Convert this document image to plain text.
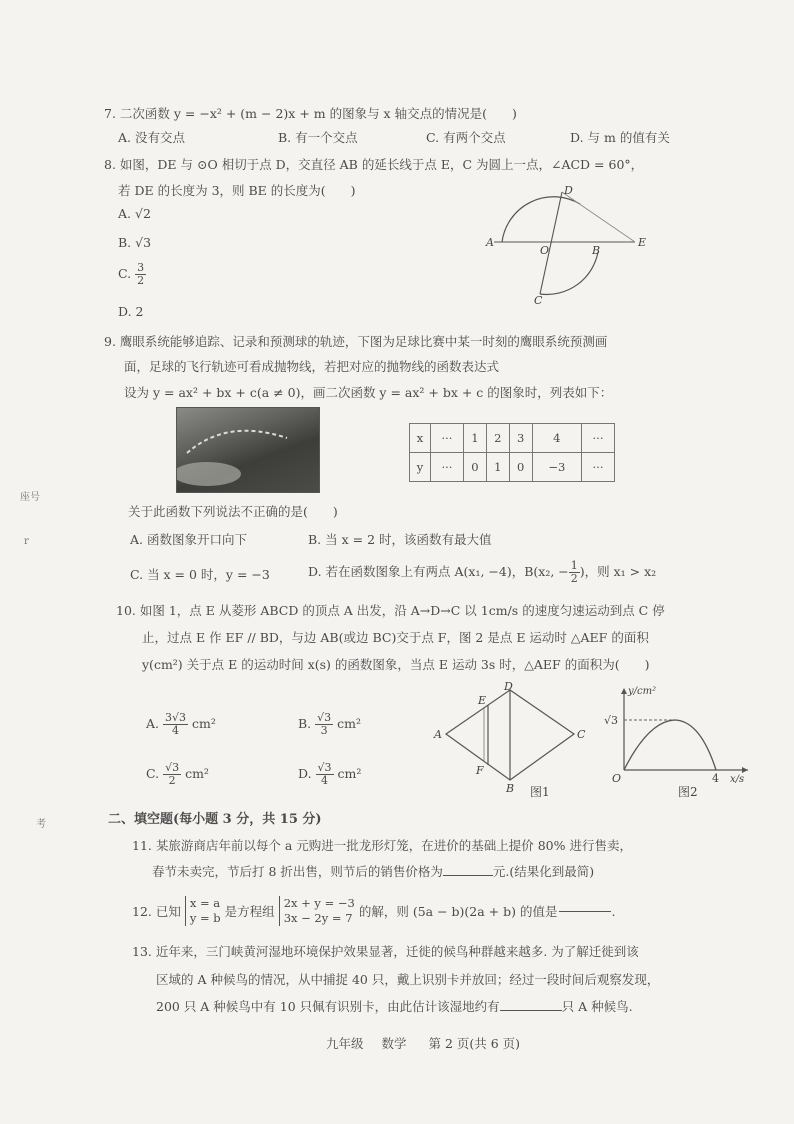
座号
r
考
7. 二次函数 y = −x² + (m − 2)x + m 的图象与 x 轴交点的情况是(　　)
A. 没有交点	B. 有一个交点	C. 有两个交点	D. 与 m 的值有关
8. 如图，DE 与 ⊙O 相切于点 D，交直径 AB 的延长线于点 E，C 为圆上一点，∠ACD = 60°，
若 DE 的长度为 3，则 BE 的长度为(　　)
A. √2
B. √3
C. $\frac{3}{2}$
D. 2
A
O	B
E
D
C
9. 鹰眼系统能够追踪、记录和预测球的轨迹，下图为足球比赛中某一时刻的鹰眼系统预测画
面，足球的飞行轨迹可看成抛物线，若把对应的抛物线的函数表达式
设为 y = ax² + bx + c(a ≠ 0)，画二次函数 y = ax² + bx + c 的图象时，列表如下：
x	···	1	2	3	4	···
y	···	0	1	0	−3	···
关于此函数下列说法不正确的是(　　)
A. 函数图象开口向下	B. 当 x = 2 时，该函数有最大值
C. 当 x = 0 时，y = −3	D. 若在函数图象上有两点 A(x₁, −4)，B(x₂, − $\frac{1}{2}$ )，则 x₁ > x₂
10. 如图 1，点 E 从菱形 ABCD 的顶点 A 出发，沿 A→D→C 以 1cm/s 的速度匀速运动到点 C 停
止，过点 E 作 EF // BD，与边 AB(或边 BC)交于点 F，图 2 是点 E 运动时 △AEF 的面积
y(cm²) 关于点 E 的运动时间 x(s) 的函数图象，当点 E 运动 3s 时，△AEF 的面积为(　　)
A. $\frac{3√3}{4} cm^2$	B. $\frac{√3}{3} cm^2$
C. $\frac{√3}{2} cm^2$	D. $\frac{√3}{4} cm^2$
A
E
D
C
F
B 图1
y/cm²
√3
O	4 x/s
图2
二、填空题(每小题 3 分，共 15 分)
11. 某旅游商店年前以每个 a 元购进一批龙形灯笼，在进价的基础上提价 80% 进行售卖，
春节未卖完，节后打 8 折出售，则节后的销售价格为	元.(结果化到最简)
12. 已知
x = a
y = b 是方程组
2x + y = −3
3x − 2y = 7 的解，则 (5a − b)(2a + b) 的值是	.
13. 近年来，三门峡黄河湿地环境保护效果显著，迁徙的候鸟种群越来越多. 为了解迁徙到该
区域的 A 种候鸟的情况，从中捕捉 40 只，戴上识别卡并放回；经过一段时间后观察发现，
200 只 A 种候鸟中有 10 只佩有识别卡，由此估计该湿地约有	只 A 种候鸟.
九年级 数学 第 2 页(共 6 页)
